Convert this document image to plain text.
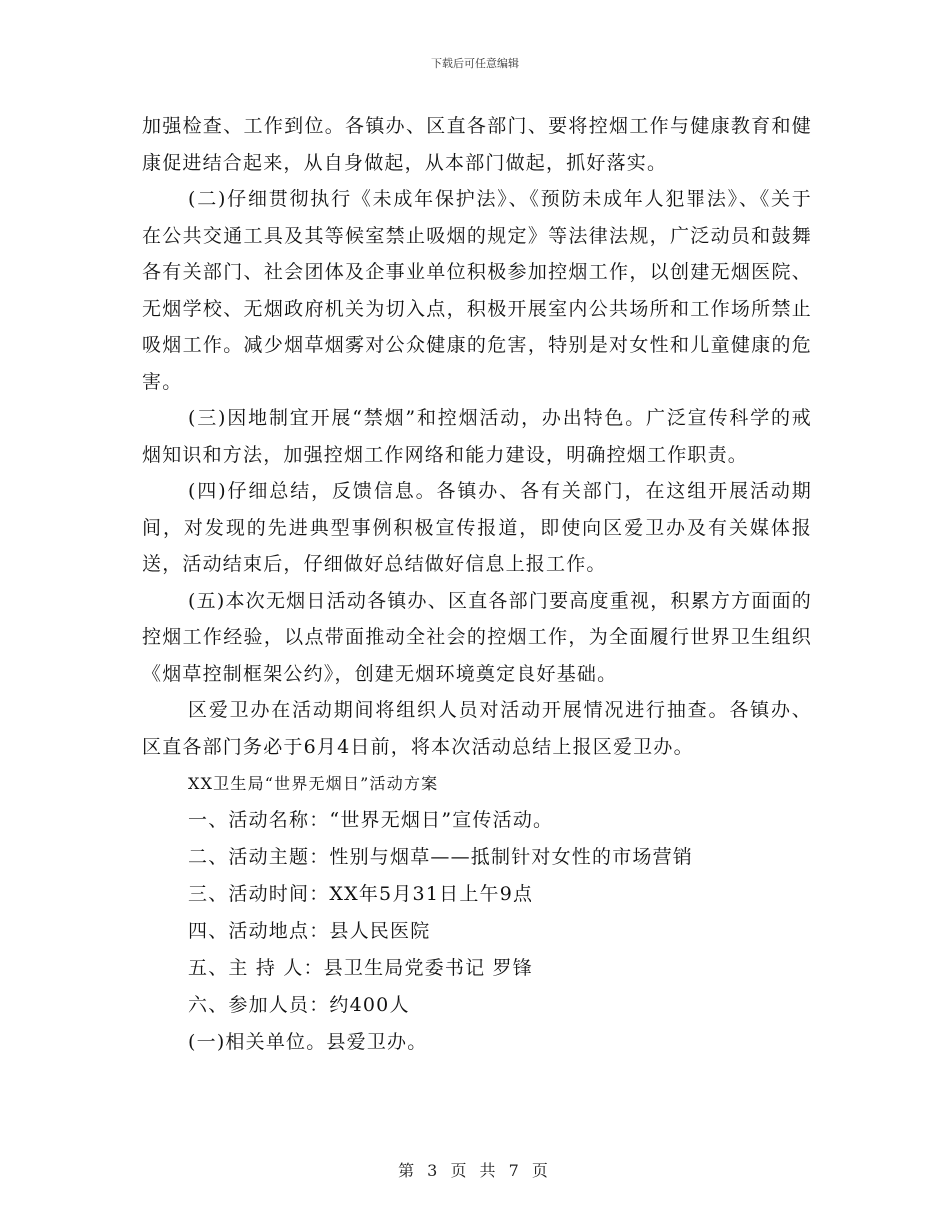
下载后可任意编辑

加强检查、工作到位。各镇办、区直各部门、要将控烟工作与健康教育和健康促进结合起来，从自身做起，从本部门做起，抓好落实。

(二)仔细贯彻执行《未成年保护法》、《预防未成年人犯罪法》、《关于在公共交通工具及其等候室禁止吸烟的规定》等法律法规，广泛动员和鼓舞各有关部门、社会团体及企事业单位积极参加控烟工作，以创建无烟医院、无烟学校、无烟政府机关为切入点，积极开展室内公共场所和工作场所禁止吸烟工作。减少烟草烟雾对公众健康的危害，特别是对女性和儿童健康的危害。

(三)因地制宜开展“禁烟”和控烟活动，办出特色。广泛宣传科学的戒烟知识和方法，加强控烟工作网络和能力建设，明确控烟工作职责。

(四)仔细总结，反馈信息。各镇办、各有关部门，在这组开展活动期间，对发现的先进典型事例积极宣传报道，即使向区爱卫办及有关媒体报送，活动结束后，仔细做好总结做好信息上报工作。

(五)本次无烟日活动各镇办、区直各部门要高度重视，积累方方面面的控烟工作经验，以点带面推动全社会的控烟工作，为全面履行世界卫生组织《烟草控制框架公约》，创建无烟环境奠定良好基础。

区爱卫办在活动期间将组织人员对活动开展情况进行抽查。各镇办、区直各部门务必于6月4日前，将本次活动总结上报区爱卫办。

XX卫生局“世界无烟日”活动方案

一、活动名称：“世界无烟日”宣传活动。

二、活动主题：性别与烟草——抵制针对女性的市场营销

三、活动时间：XX年5月31日上午9点

四、活动地点：县人民医院

五、主 持 人：县卫生局党委书记 罗锋

六、参加人员：约400人

(一)相关单位。县爱卫办。

第 3 页 共 7 页
